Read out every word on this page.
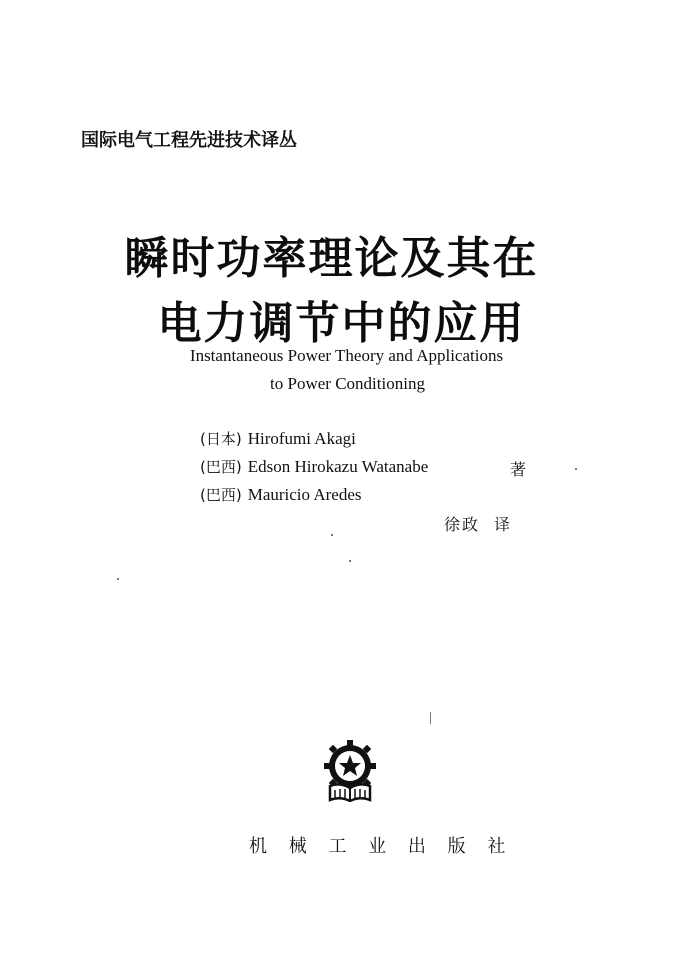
国际电气工程先进技术译丛
瞬时功率理论及其在
电力调节中的应用
Instantaneous Power Theory and Applications
to Power Conditioning
(日本) Hirofumi Akagi
(巴西) Edson Hirokazu Watanabe
(巴西) Mauricio Aredes
著
徐政 译
机 械 工 业 出 版 社
